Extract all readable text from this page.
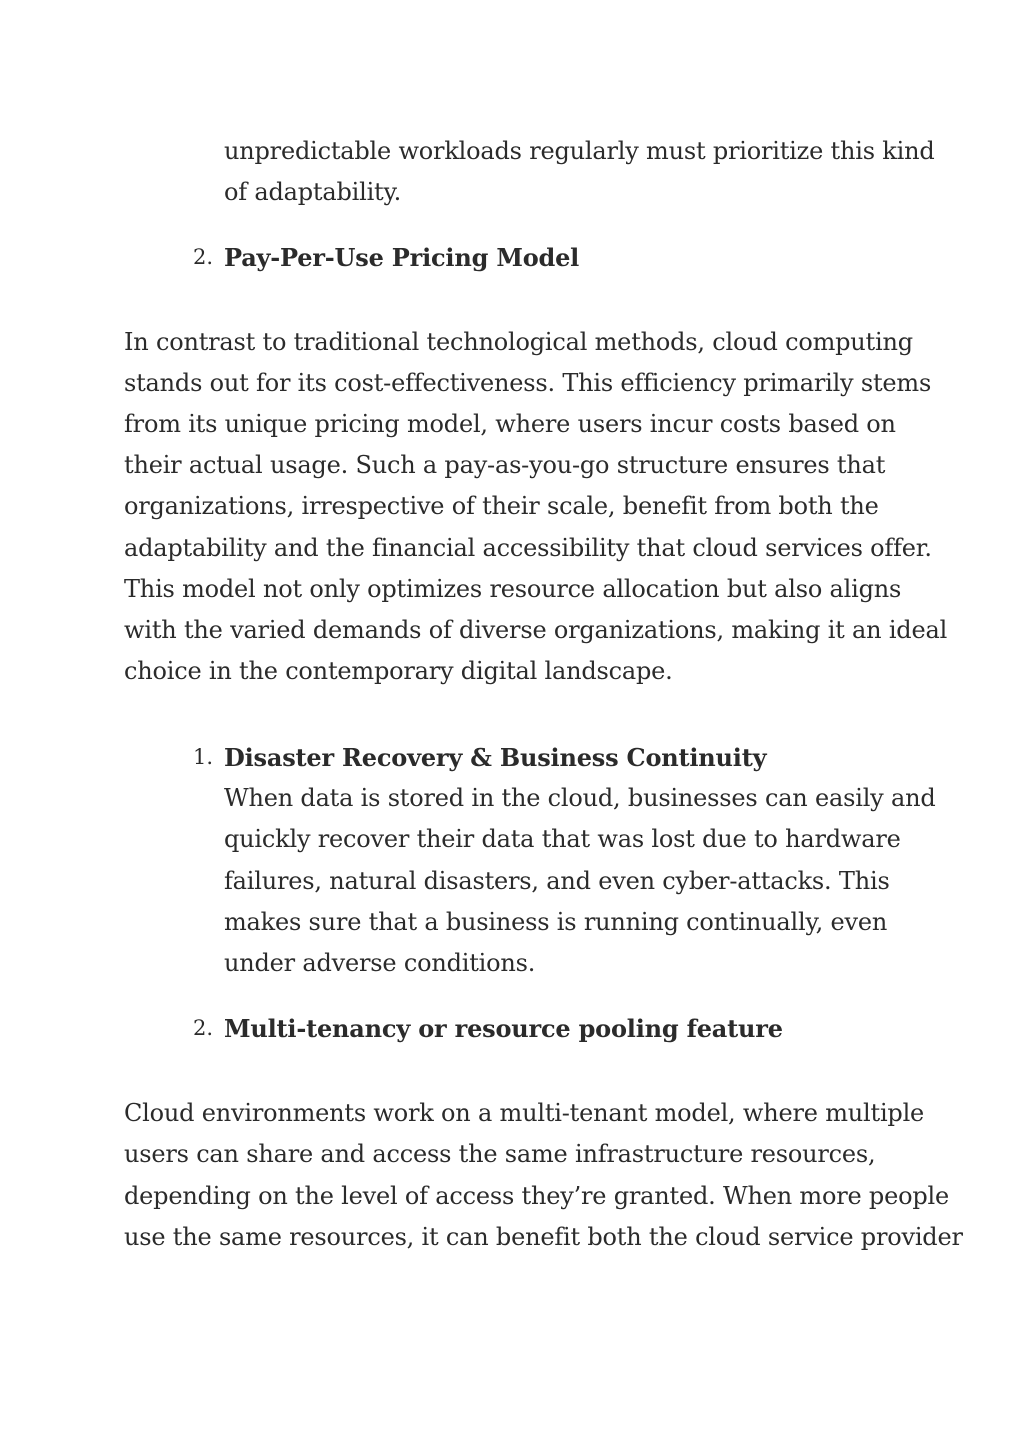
unpredictable workloads regularly must prioritize this kind
of adaptability.
2. Pay-Per-Use Pricing Model
In contrast to traditional technological methods, cloud computing
stands out for its cost-effectiveness. This efficiency primarily stems
from its unique pricing model, where users incur costs based on
their actual usage. Such a pay-as-you-go structure ensures that
organizations, irrespective of their scale, benefit from both the
adaptability and the financial accessibility that cloud services offer.
This model not only optimizes resource allocation but also aligns
with the varied demands of diverse organizations, making it an ideal
choice in the contemporary digital landscape.
1. Disaster Recovery & Business Continuity
When data is stored in the cloud, businesses can easily and
quickly recover their data that was lost due to hardware
failures, natural disasters, and even cyber-attacks. This
makes sure that a business is running continually, even
under adverse conditions.
2. Multi-tenancy or resource pooling feature
Cloud environments work on a multi-tenant model, where multiple
users can share and access the same infrastructure resources,
depending on the level of access they’re granted. When more people
use the same resources, it can benefit both the cloud service provider
